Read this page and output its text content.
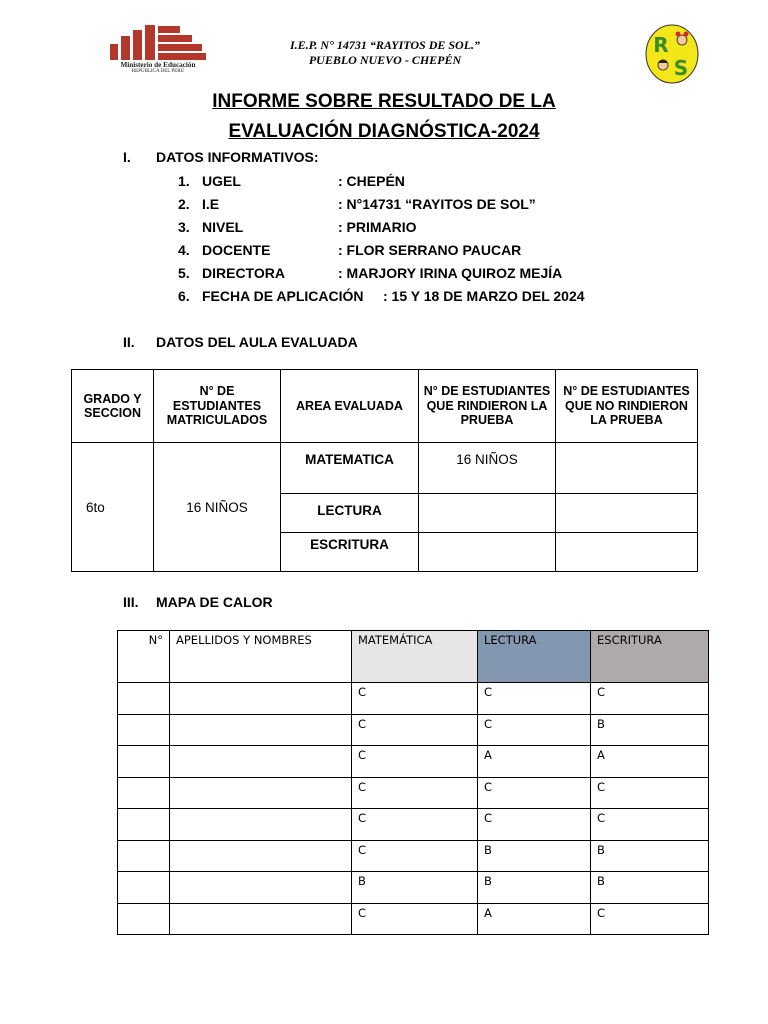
Ministerio de Educación
REPÚBLICA DEL PERÚ
I.E.P. N° 14731 “RAYITOS DE SOL.”
PUEBLO NUEVO - CHEPÉN
R
S
INFORME SOBRE RESULTADO DE LA
EVALUACIÓN DIAGNÓSTICA-2024
I. DATOS INFORMATIVOS:
1. UGEL	: CHEPÉN
2. I.E	: N°14731 “RAYITOS DE SOL”
3. NIVEL	: PRIMARIO
4. DOCENTE	: FLOR SERRANO PAUCAR
5. DIRECTORA	: MARJORY IRINA QUIROZ MEJÍA
6. FECHA DE APLICACIÓN : 15 Y 18 DE MARZO DEL 2024
II. DATOS DEL AULA EVALUADA
GRADO Y SECCION	N° DE ESTUDIANTES MATRICULADOS	AREA EVALUADA	N° DE ESTUDIANTES QUE RINDIERON LA PRUEBA	N° DE ESTUDIANTES QUE NO RINDIERON LA PRUEBA
6to	16 NIÑOS	MATEMATICA	16 NIÑOS	
		LECTURA		
		ESCRITURA		
III. MAPA DE CALOR
N°	APELLIDOS Y NOMBRES	MATEMÁTICA	LECTURA	ESCRITURA
		C	C	C
		C	C	B
		C	A	A
		C	C	C
		C	C	C
		C	B	B
		B	B	B
		C	A	C
